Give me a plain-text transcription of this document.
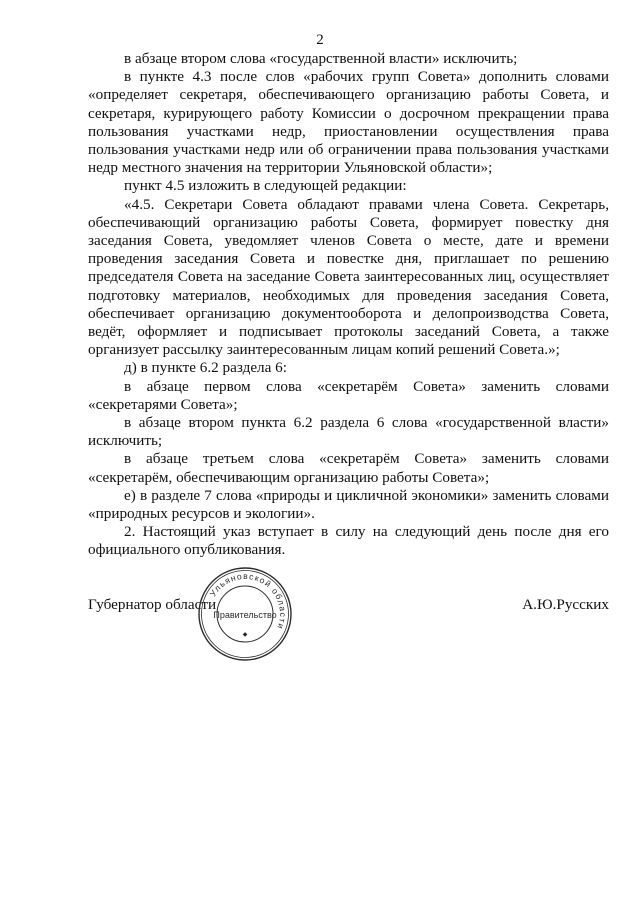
2

в абзаце втором слова «государственной власти» исключить;

в пункте 4.3 после слов «рабочих групп Совета» дополнить словами «определяет секретаря, обеспечивающего организацию работы Совета, и секретаря, курирующего работу Комиссии о досрочном прекращении права пользования участками недр, приостановлении осуществления права пользования участками недр или об ограничении права пользования участками недр местного значения на территории Ульяновской области»;

пункт 4.5 изложить в следующей редакции:

«4.5. Секретари Совета обладают правами члена Совета. Секретарь, обеспечивающий организацию работы Совета, формирует повестку дня заседания Совета, уведомляет членов Совета о месте, дате и времени проведения заседания Совета и повестке дня, приглашает по решению председателя Совета на заседание Совета заинтересованных лиц, осуществляет подготовку материалов, необходимых для проведения заседания Совета, обеспечивает организацию документооборота и делопроизводства Совета, ведёт, оформляет и подписывает протоколы заседаний Совета, а также организует рассылку заинтересованным лицам копий решений Совета.»;

д) в пункте 6.2 раздела 6:

в абзаце первом слова «секретарём Совета» заменить словами «секретарями Совета»;

в абзаце втором пункта 6.2 раздела 6 слова «государственной власти» исключить;

в абзаце третьем слова «секретарём Совета» заменить словами «секретарём, обеспечивающим организацию работы Совета»;

е) в разделе 7 слова «природы и цикличной экономики» заменить словами «природных ресурсов и экологии».

2. Настоящий указ вступает в силу на следующий день после дня его официального опубликования.

Губернатор области	А.Ю.Русских
Ульяновской области
Правительство
◆
